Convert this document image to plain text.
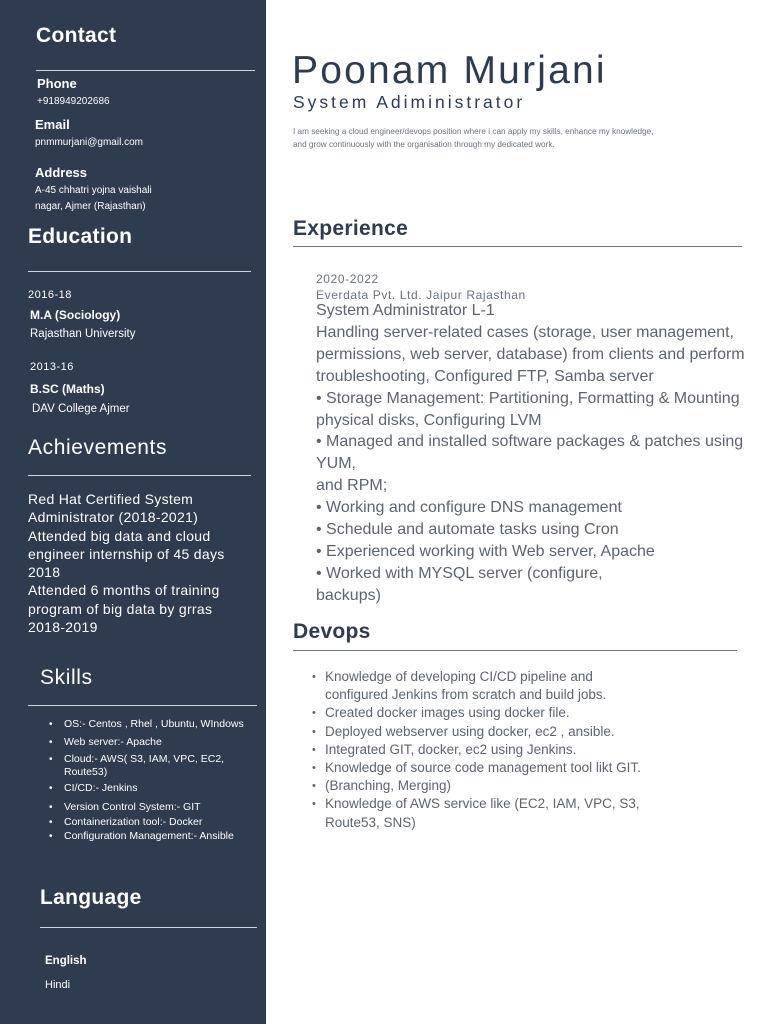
Contact
Phone
+918949202686
Email
pnmmurjani@gmail.com
Address
A-45 chhatri yojna vaishali
nagar, Ajmer (Rajasthan)
Education
2016-18
M.A (Sociology)
Rajasthan University
2013-16
B.SC (Maths)
DAV College Ajmer
Achievements
Red Hat Certified System
Administrator (2018-2021)
Attended big data and cloud
engineer internship of 45 days
2018
Attended 6 months of training
program of big data by grras
2018-2019
Skills
• OS:- Centos , Rhel , Ubuntu, WIndows
• Web server:- Apache
• Cloud:- AWS( S3, IAM, VPC, EC2, Route53)
• CI/CD:- Jenkins
• Version Control System:- GIT
• Containerization tool:- Docker
• Configuration Management:- Ansible
Language
English
Hindi
Poonam Murjani
System Adiministrator
I am seeking a cloud engineer/devops position where i can apply my skills, enhance my knowledge,
and grow continuously with the organisation through my dedicated work.
Experience
2020-2022
Everdata Pvt. Ltd. Jaipur Rajasthan
System Administrator L-1
Handling server-related cases (storage, user management,
permissions, web server, database) from clients and perform
troubleshooting, Configured FTP, Samba server
• Storage Management: Partitioning, Formatting & Mounting
physical disks, Configuring LVM
• Managed and installed software packages & patches using
YUM,
and RPM;
• Working and configure DNS management
• Schedule and automate tasks using Cron
• Experienced working with Web server, Apache
• Worked with MYSQL server (configure,
backups)
Devops
• Knowledge of developing CI/CD pipeline and
configured Jenkins from scratch and build jobs.
• Created docker images using docker file.
• Deployed webserver using docker, ec2 , ansible.
• Integrated GIT, docker, ec2 using Jenkins.
• Knowledge of source code management tool likt GIT.
• (Branching, Merging)
• Knowledge of AWS service like (EC2, IAM, VPC, S3,
Route53, SNS)
